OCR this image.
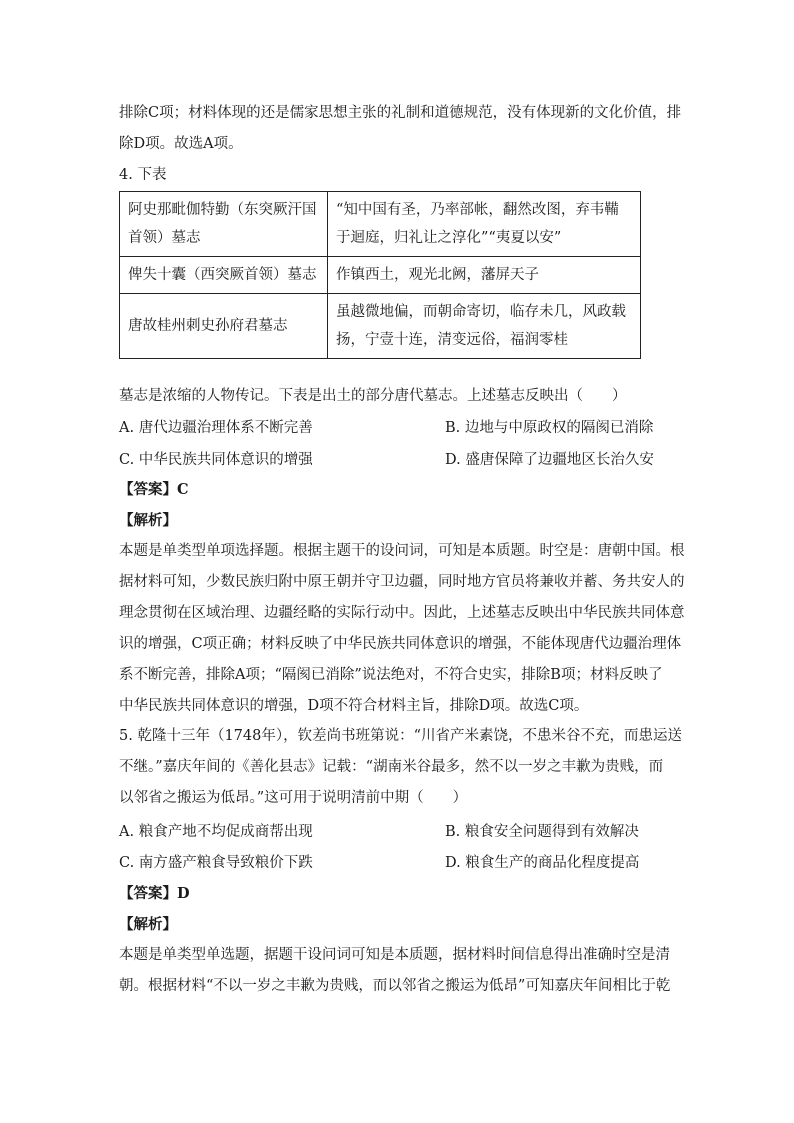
排除C项；材料体现的还是儒家思想主张的礼制和道德规范，没有体现新的文化价值，排
除D项。故选A项。
4. 下表
阿史那毗伽特勤（东突厥汗国首领）墓志	“知中国有圣，乃率部帐，翻然改图，弃韦鞴于迴庭，归礼让之淳化”“夷夏以安”
俾失十囊（西突厥首领）墓志	作镇西土，观光北阙，藩屏天子
唐故桂州刺史孙府君墓志	虽越微地偏，而朝命寄切，临存未几，风政载扬，宁壹十连，清变远俗，福润零桂
墓志是浓缩的人物传记。下表是出土的部分唐代墓志。上述墓志反映出（　　）
A. 唐代边疆治理体系不断完善	B. 边地与中原政权的隔阂已消除
C. 中华民族共同体意识的增强	D. 盛唐保障了边疆地区长治久安
【答案】C
【解析】
本题是单类型单项选择题。根据主题干的设问词，可知是本质题。时空是：唐朝中国。根
据材料可知，少数民族归附中原王朝并守卫边疆，同时地方官员将兼收并蓄、务共安人的
理念贯彻在区域治理、边疆经略的实际行动中。因此，上述墓志反映出中华民族共同体意
识的增强，C项正确；材料反映了中华民族共同体意识的增强，不能体现唐代边疆治理体
系不断完善，排除A项；“隔阂已消除”说法绝对，不符合史实，排除B项；材料反映了
中华民族共同体意识的增强，D项不符合材料主旨，排除D项。故选C项。
5. 乾隆十三年（1748年），钦差尚书班第说：“川省产米素饶，不患米谷不充，而患运送
不继。”嘉庆年间的《善化县志》记载：“湖南米谷最多，然不以一岁之丰歉为贵贱，而
以邻省之搬运为低昂。”这可用于说明清前中期（　　）
A. 粮食产地不均促成商帮出现	B. 粮食安全问题得到有效解决
C. 南方盛产粮食导致粮价下跌	D. 粮食生产的商品化程度提高
【答案】D
【解析】
本题是单类型单选题，据题干设问词可知是本质题，据材料时间信息得出准确时空是清
朝。根据材料“不以一岁之丰歉为贵贱，而以邻省之搬运为低昂”可知嘉庆年间相比于乾
